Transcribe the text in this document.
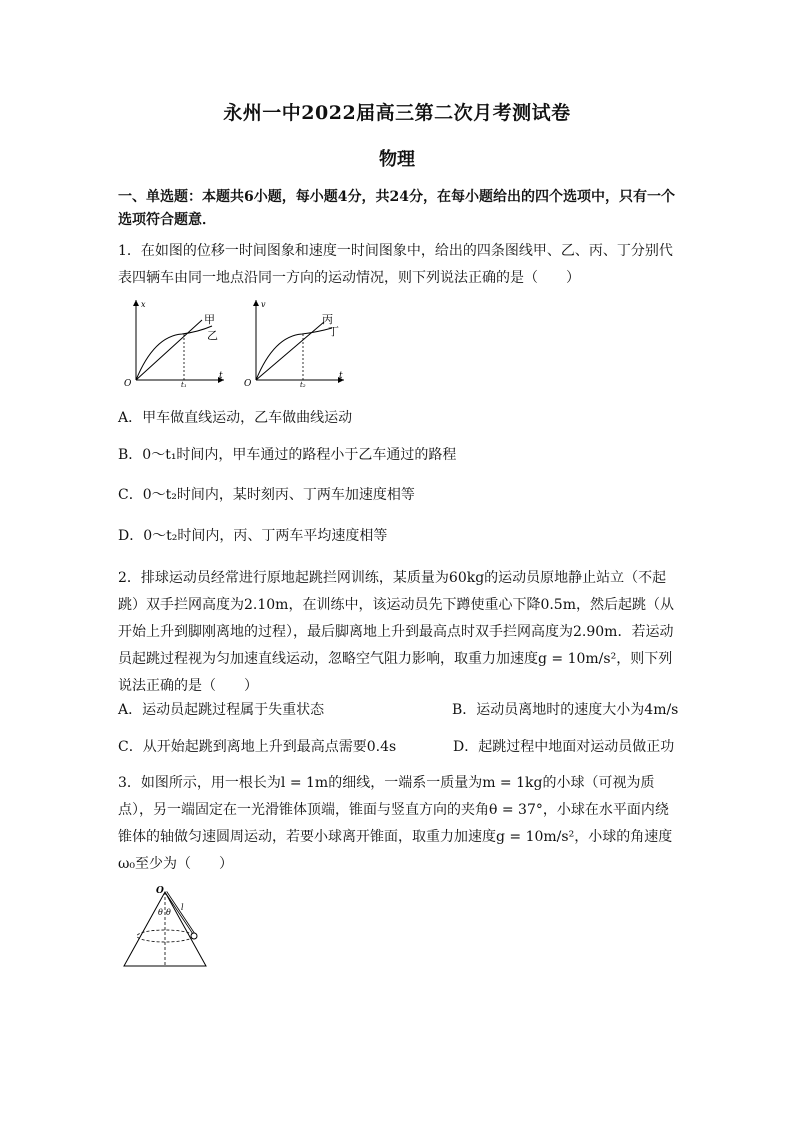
永州一中2022届高三第二次月考测试卷
物理
一、单选题：本题共6小题，每小题4分，共24分，在每小题给出的四个选项中，只有一个选项符合题意．
1．在如图的位移一时间图象和速度一时间图象中，给出的四条图线甲、乙、丙、丁分别代表四辆车由同一地点沿同一方向的运动情况，则下列说法正确的是（　　）
x
t
O	t₁
甲
乙
v
t
O	t₂
丙
丁
A．甲车做直线运动，乙车做曲线运动
B．0～t₁时间内，甲车通过的路程小于乙车通过的路程
C．0～t₂时间内，某时刻丙、丁两车加速度相等
D．0～t₂时间内，丙、丁两车平均速度相等
2．排球运动员经常进行原地起跳拦网训练，某质量为60kg的运动员原地静止站立（不起跳）双手拦网高度为2.10m，在训练中，该运动员先下蹲使重心下降0.5m，然后起跳（从开始上升到脚刚离地的过程），最后脚离地上升到最高点时双手拦网高度为2.90m．若运动员起跳过程视为匀加速直线运动，忽略空气阻力影响，取重力加速度g = 10m/s²，则下列说法正确的是（　　）
A．运动员起跳过程属于失重状态	B．运动员离地时的速度大小为4m/s
C．从开始起跳到离地上升到最高点需要0.4s	D．起跳过程中地面对运动员做正功
3．如图所示，用一根长为l = 1m的细线，一端系一质量为m = 1kg的小球（可视为质点），另一端固定在一光滑锥体顶端，锥面与竖直方向的夹角θ = 37°，小球在水平面内绕锥体的轴做匀速圆周运动，若要小球离开锥面，取重力加速度g = 10m/s²，小球的角速度ω₀至少为（　　）
O
l
θ θ
